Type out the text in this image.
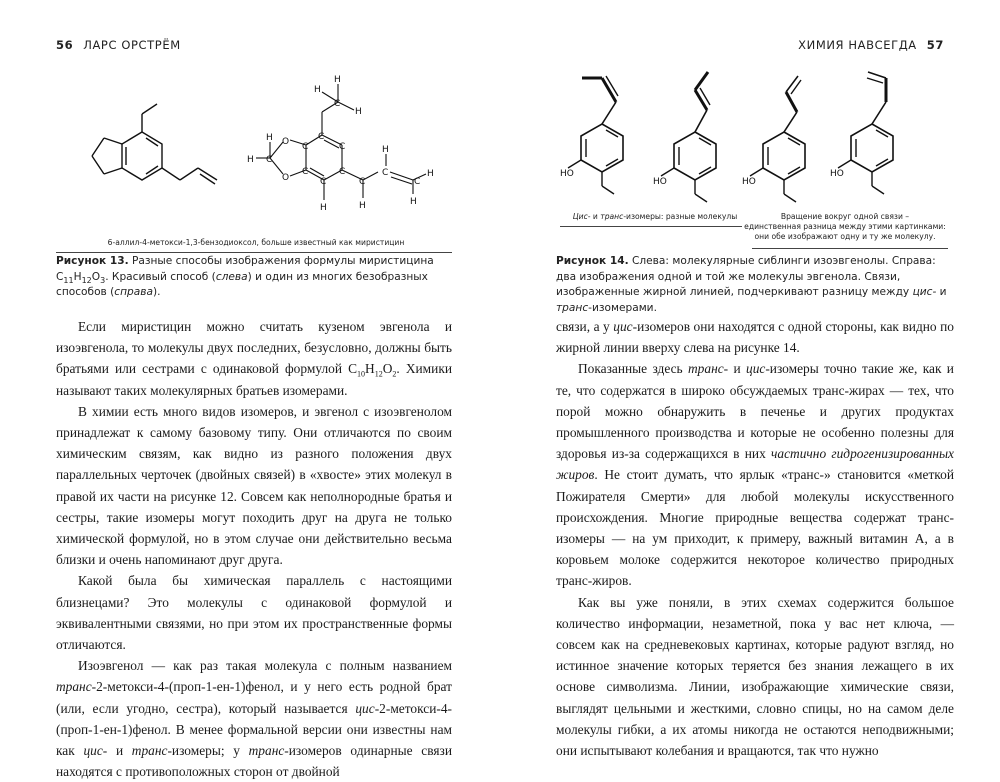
56 ЛАРС ОРСТРЁМ
C
C
H
H
H
C	C
C	C
C
H
O
O
C
H
H
C
H
C
H
C
H
H
6-аллил-4-метокси-1,3-бензодиоксол, больше известный как миристицин
Рисунок 13. Разные способы изображения формулы миристицина $C_{11}H_{12}O_3$. Красивый способ (слева) и один из многих безобразных способов (справа).

Если миристицин можно считать кузеном эвгенола и изоэвгенола, то молекулы двух последних, безусловно, должны быть братьями или сестрами с одинаковой формулой $C_{10}H_{12}O_2$. Химики называют таких молекулярных братьев изомерами.

В химии есть много видов изомеров, и эвгенол с изоэвгенолом принадлежат к самому базовому типу. Они отличаются по своим химическим связям, как видно из разного положения двух параллельных черточек (двойных связей) в «хвосте» этих молекул в правой их части на рисунке 12. Совсем как неполнородные братья и сестры, такие изомеры могут походить друг на друга не только химической формулой, но в этом случае они действительно весьма близки и очень напоминают друг друга.

Какой была бы химическая параллель с настоящими близнецами? Это молекулы с одинаковой формулой и эквивалентными связями, но при этом их пространственные формы отличаются.

Изоэвгенол — как раз такая молекула с полным названием транс-2-метокси-4-(проп-1-ен-1)фенол, и у него есть родной брат (или, если угодно, сестра), который называется цис-2-метокси-4-(проп-1-ен-1)фенол. В менее формальной версии они известны нам как цис- и транс-изомеры; у транс-изомеров одинарные связи находятся с противоположных сторон от двойной

ХИМИЯ НАВСЕГДА 57
HO
HO	HO
HO
Цис- и транс-изомеры: разные молекулы	Вращение вокруг одной связи –
единственная разница между этими картинками:
они обе изображают одну и ту же молекулу.
Рисунок 14. Слева: молекулярные сиблинги изоэвгенолы. Справа: два изображения одной и той же молекулы эвгенола. Связи, изображенные жирной линией, подчеркивают разницу между цис- и транс-изомерами.

связи, а у цис-изомеров они находятся с одной стороны, как видно по жирной линии вверху слева на рисунке 14.

Показанные здесь транс- и цис-изомеры точно такие же, как и те, что содержатся в широко обсуждаемых транс-жирах — тех, что порой можно обнаружить в печенье и других продуктах промышленного производства и которые не особенно полезны для здоровья из-за содержащихся в них частично гидрогенизированных жиров. Не стоит думать, что ярлык «транс-» становится «меткой Пожирателя Смерти» для любой молекулы искусственного происхождения. Многие природные вещества содержат транс-изомеры — на ум приходит, к примеру, важный витамин А, а в коровьем молоке содержится некоторое количество природных транс-жиров.

Как вы уже поняли, в этих схемах содержится большое количество информации, незаметной, пока у вас нет ключа, — совсем как на средневековых картинах, которые радуют взгляд, но истинное значение которых теряется без знания лежащего в их основе символизма. Линии, изображающие химические связи, выглядят цельными и жесткими, словно спицы, но на самом деле молекулы гибки, а их атомы никогда не остаются неподвижными; они испытывают колебания и вращаются, так что нужно
